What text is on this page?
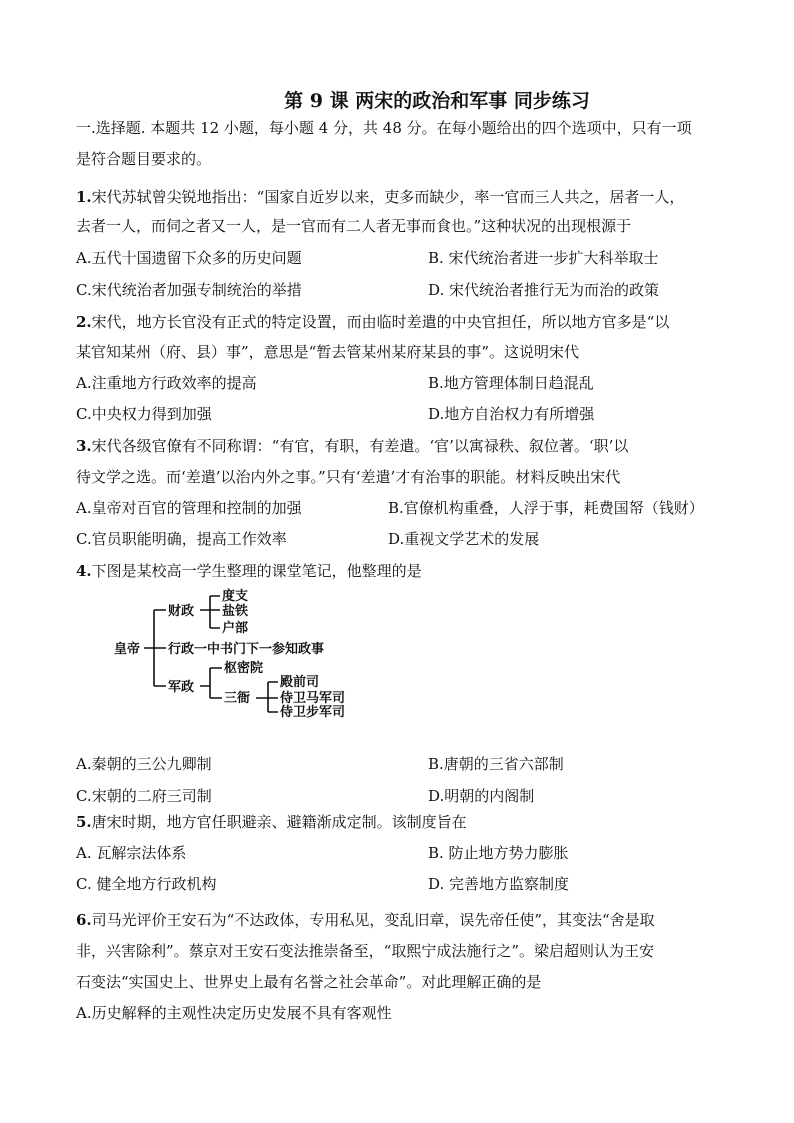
第 9 课 两宋的政治和军事 同步练习
一.选择题. 本题共 12 小题，每小题 4 分，共 48 分。在每小题给出的四个选项中，只有一项
是符合题目要求的。
1.宋代苏轼曾尖锐地指出：“国家自近岁以来，吏多而缺少，率一官而三人共之，居者一人，
去者一人，而伺之者又一人，是一官而有二人者无事而食也。”这种状况的出现根源于
A.五代十国遗留下众多的历史问题	B. 宋代统治者进一步扩大科举取士
C.宋代统治者加强专制统治的举措	D. 宋代统治者推行无为而治的政策
2.宋代，地方长官没有正式的特定设置，而由临时差遣的中央官担任，所以地方官多是“以
某官知某州（府、县）事”，意思是“暂去管某州某府某县的事”。这说明宋代
A.注重地方行政效率的提高	B.地方管理体制日趋混乱
C.中央权力得到加强	D.地方自治权力有所增强
3.宋代各级官僚有不同称谓：“有官，有职，有差遣。‘官’以寓禄秩、叙位著。‘职’以
待文学之选。而‘差遣’以治内外之事。”只有‘差遣’才有治事的职能。材料反映出宋代
A.皇帝对百官的管理和控制的加强	B.官僚机构重叠，人浮于事，耗费国帑（钱财）
C.官员职能明确，提高工作效率	D.重视文学艺术的发展
4.下图是某校高一学生整理的课堂笔记，他整理的是
皇帝
财政
度支
盐铁
户部
行政一中书门下一参知政事
军政
枢密院
三衙
殿前司
侍卫马军司
侍卫步军司
A.秦朝的三公九卿制	B.唐朝的三省六部制
C.宋朝的二府三司制	D.明朝的内阁制
5.唐宋时期，地方官任职避亲、避籍渐成定制。该制度旨在
A. 瓦解宗法体系	B. 防止地方势力膨胀
C. 健全地方行政机构	D. 完善地方监察制度
6.司马光评价王安石为“不达政体，专用私见，变乱旧章，误先帝任使”，其变法“舍是取
非，兴害除利”。蔡京对王安石变法推崇备至，“取熙宁成法施行之”。梁启超则认为王安
石变法“实国史上、世界史上最有名誉之社会革命”。对此理解正确的是
A.历史解释的主观性决定历史发展不具有客观性
